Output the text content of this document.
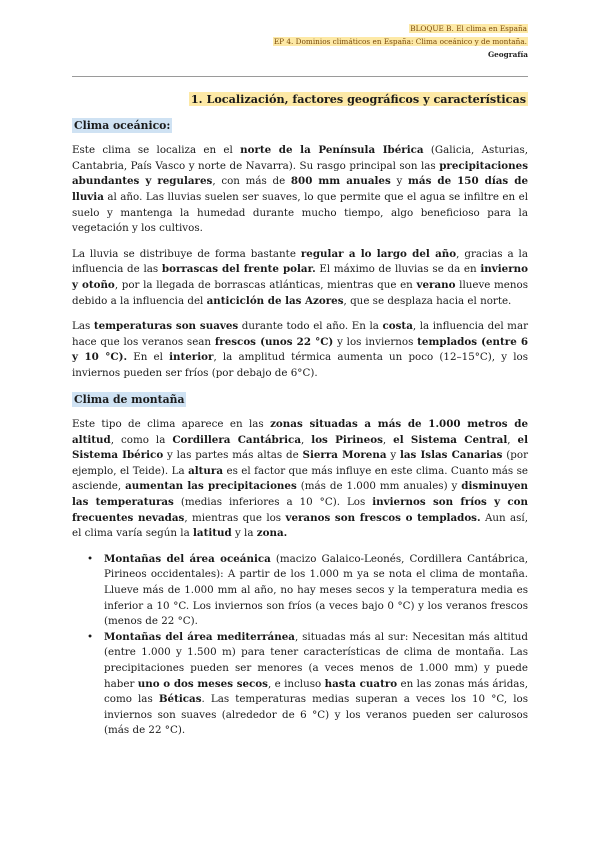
BLOQUE B. El clima en España
EP 4. Dominios climáticos en España: Clima oceánico y de montaña.
Geografía
1. Localización, factores geográficos y características
Clima oceánico:

Este clima se localiza en el norte de la Península Ibérica (Galicia, Asturias, Cantabria, País Vasco y norte de Navarra). Su rasgo principal son las precipitaciones abundantes y regulares, con más de 800 mm anuales y más de 150 días de lluvia al año. Las lluvias suelen ser suaves, lo que permite que el agua se infiltre en el suelo y mantenga la humedad durante mucho tiempo, algo beneficioso para la vegetación y los cultivos.

La lluvia se distribuye de forma bastante regular a lo largo del año, gracias a la influencia de las borrascas del frente polar. El máximo de lluvias se da en invierno y otoño, por la llegada de borrascas atlánticas, mientras que en verano llueve menos debido a la influencia del anticiclón de las Azores, que se desplaza hacia el norte.

Las temperaturas son suaves durante todo el año. En la costa, la influencia del mar hace que los veranos sean frescos (unos 22 °C) y los inviernos templados (entre 6 y 10 °C). En el interior, la amplitud térmica aumenta un poco (12–15°C), y los inviernos pueden ser fríos (por debajo de 6°C).

Clima de montaña

Este tipo de clima aparece en las zonas situadas a más de 1.000 metros de altitud, como la Cordillera Cantábrica, los Pirineos, el Sistema Central, el Sistema Ibérico y las partes más altas de Sierra Morena y las Islas Canarias (por ejemplo, el Teide). La altura es el factor que más influye en este clima. Cuanto más se asciende, aumentan las precipitaciones (más de 1.000 mm anuales) y disminuyen las temperaturas (medias inferiores a 10 °C). Los inviernos son fríos y con frecuentes nevadas, mientras que los veranos son frescos o templados. Aun así, el clima varía según la latitud y la zona.

• Montañas del área oceánica (macizo Galaico-Leonés, Cordillera Cantábrica, Pirineos occidentales): A partir de los 1.000 m ya se nota el clima de montaña. Llueve más de 1.000 mm al año, no hay meses secos y la temperatura media es inferior a 10 °C. Los inviernos son fríos (a veces bajo 0 °C) y los veranos frescos (menos de 22 °C).
• Montañas del área mediterránea, situadas más al sur: Necesitan más altitud (entre 1.000 y 1.500 m) para tener características de clima de montaña. Las precipitaciones pueden ser menores (a veces menos de 1.000 mm) y puede haber uno o dos meses secos, e incluso hasta cuatro en las zonas más áridas, como las Béticas. Las temperaturas medias superan a veces los 10 °C, los inviernos son suaves (alrededor de 6 °C) y los veranos pueden ser calurosos (más de 22 °C).
